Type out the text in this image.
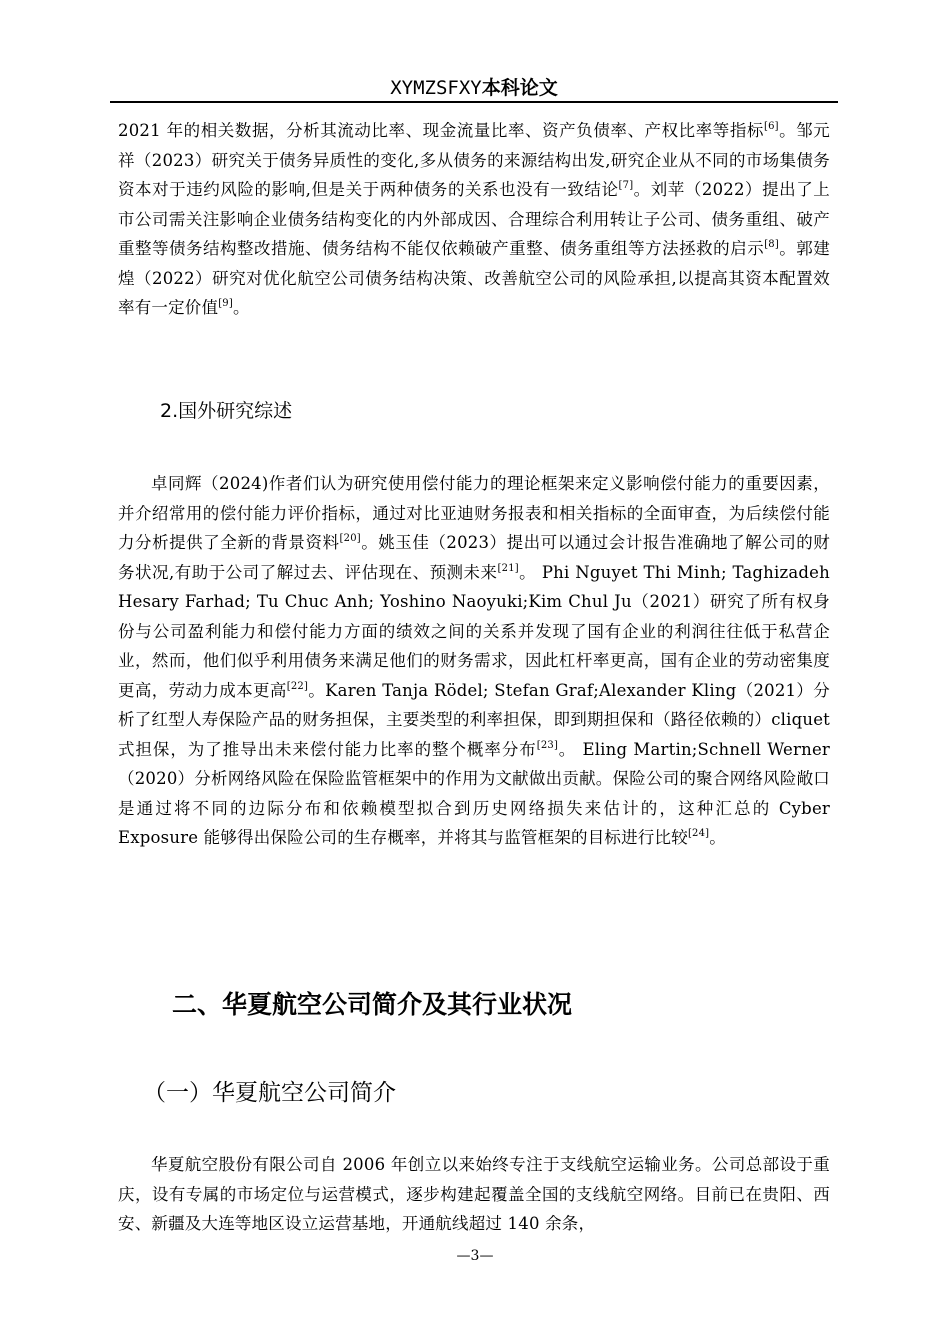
XYMZSFXY本科论文

2021 年的相关数据，分析其流动比率、现金流量比率、资产负债率、产权比率等指标[6]。邹元祥（2023）研究关于债务异质性的变化,多从债务的来源结构出发,研究企业从不同的市场集债务资本对于违约风险的影响,但是关于两种债务的关系也没有一致结论[7]。刘苹（2022）提出了上市公司需关注影响企业债务结构变化的内外部成因、合理综合利用转让子公司、债务重组、破产重整等债务结构整改措施、债务结构不能仅依赖破产重整、债务重组等方法拯救的启示[8]。郭建煌（2022）研究对优化航空公司债务结构决策、改善航空公司的风险承担,以提高其资本配置效率有一定价值[9]。

2.国外研究综述

卓同辉（2024)作者们认为研究使用偿付能力的理论框架来定义影响偿付能力的重要因素，并介绍常用的偿付能力评价指标，通过对比亚迪财务报表和相关指标的全面审查，为后续偿付能力分析提供了全新的背景资料[20]。姚玉佳（2023）提出可以通过会计报告准确地了解公司的财务状况,有助于公司了解过去、评估现在、预测未来[21]。 Phi Nguyet Thi Minh; Taghizadeh Hesary Farhad; Tu Chuc Anh; Yoshino Naoyuki;Kim Chul Ju（2021）研究了所有权身份与公司盈利能力和偿付能力方面的绩效之间的关系并发现了国有企业的利润往往低于私营企业，然而，他们似乎利用债务来满足他们的财务需求，因此杠杆率更高，国有企业的劳动密集度更高，劳动力成本更高[22]。Karen Tanja Rödel; Stefan Graf;Alexander Kling（2021）分析了红型人寿保险产品的财务担保，主要类型的利率担保，即到期担保和（路径依赖的）cliquet 式担保，为了推导出未来偿付能力比率的整个概率分布[23]。 Eling Martin;Schnell Werner（2020）分析网络风险在保险监管框架中的作用为文献做出贡献。保险公司的聚合网络风险敞口是通过将不同的边际分布和依赖模型拟合到历史网络损失来估计的，这种汇总的 Cyber Exposure 能够得出保险公司的生存概率，并将其与监管框架的目标进行比较[24]。

二、华夏航空公司简介及其行业状况
（一）华夏航空公司简介

华夏航空股份有限公司自 2006 年创立以来始终专注于支线航空运输业务。公司总部设于重庆，设有专属的市场定位与运营模式，逐步构建起覆盖全国的支线航空网络。目前已在贵阳、西安、新疆及大连等地区设立运营基地，开通航线超过 140 余条，

—3—
